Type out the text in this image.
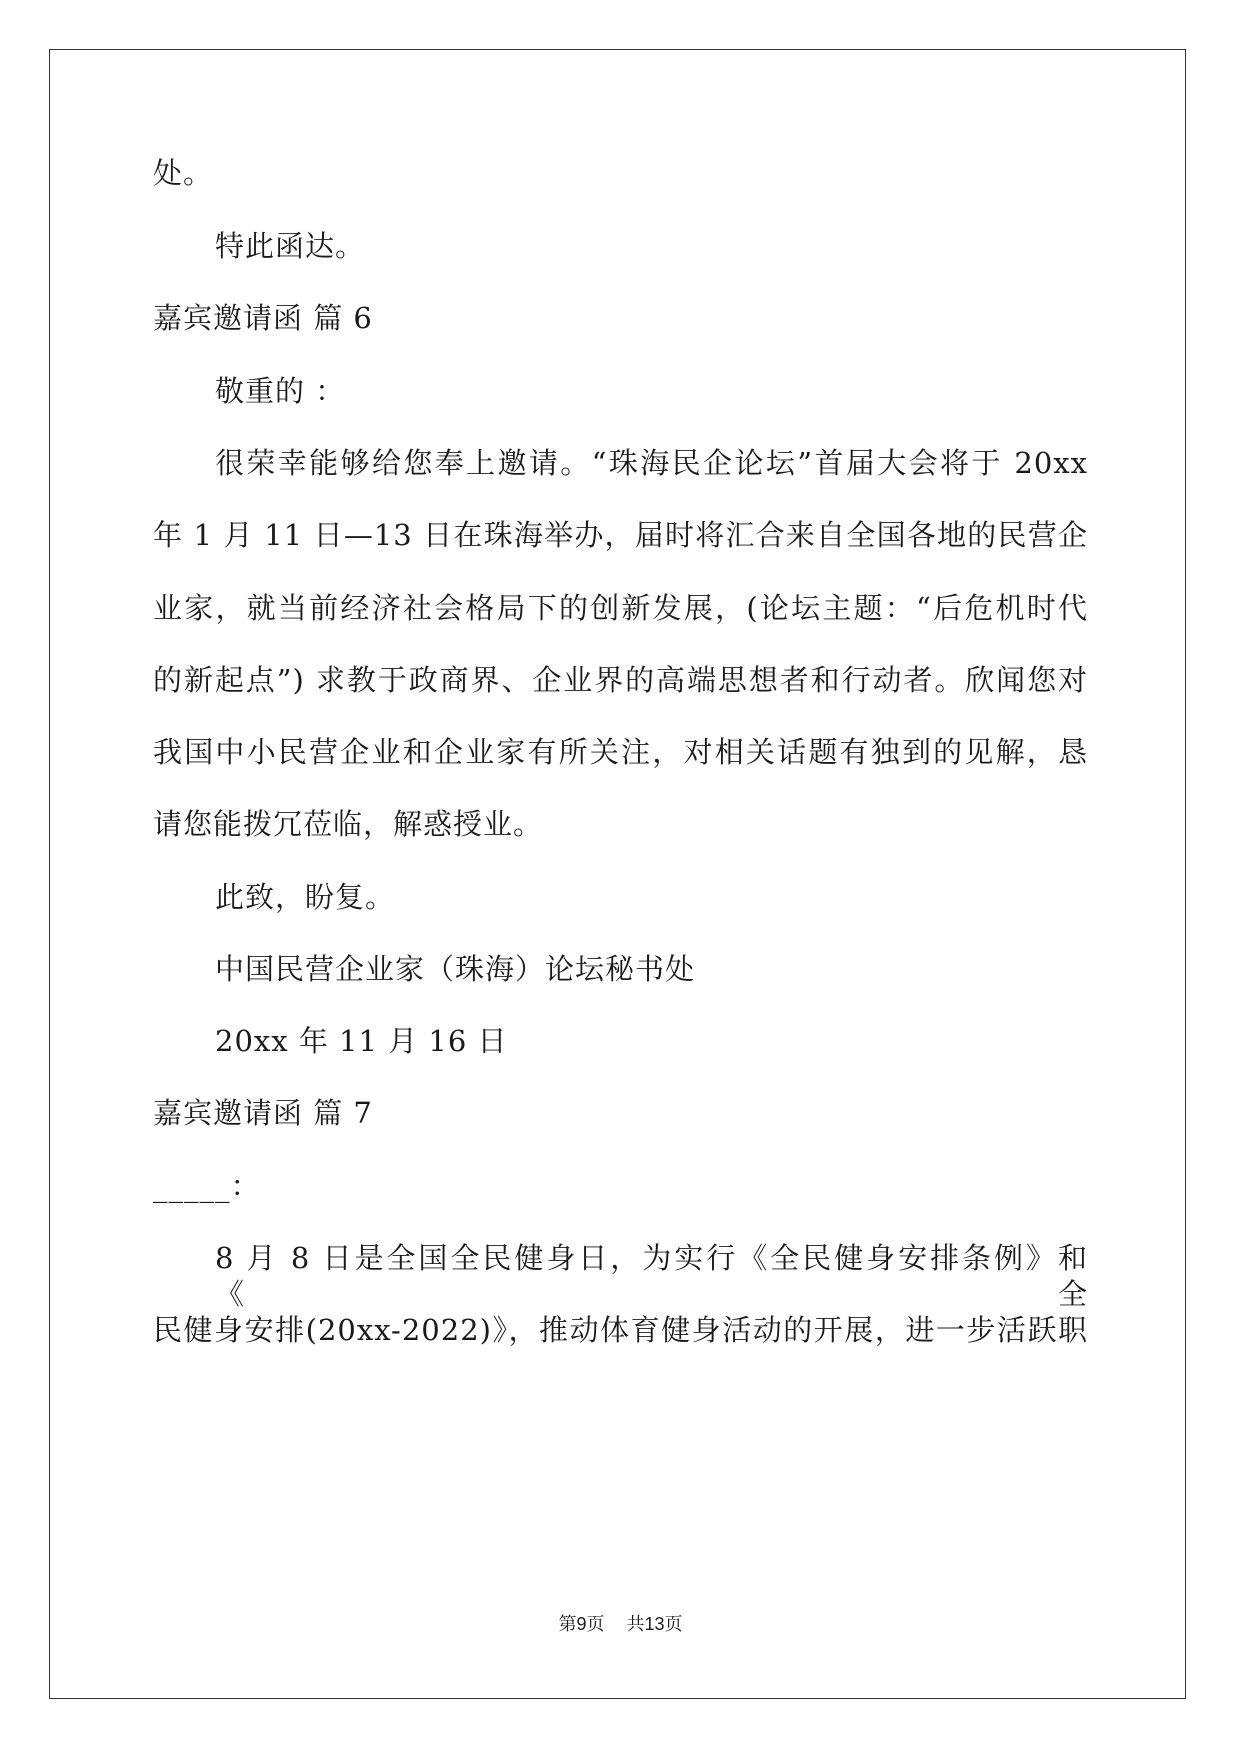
处。
特此函达。
嘉宾邀请函 篇 6
敬重的 ：
很荣幸能够给您奉上邀请。“珠海民企论坛”首届大会将于 20xx
年 1 月 11 日—13 日在珠海举办，届时将汇合来自全国各地的民营企
业家，就当前经济社会格局下的创新发展，(论坛主题：“后危机时代
的新起点”) 求教于政商界、企业界的高端思想者和行动者。欣闻您对
我国中小民营企业和企业家有所关注，对相关话题有独到的见解，恳
请您能拨冗莅临，解惑授业。
此致，盼复。
中国民营企业家（珠海）论坛秘书处
20xx 年 11 月 16 日
嘉宾邀请函 篇 7
_____：
8 月 8 日是全国全民健身日，为实行《全民健身安排条例》和《全
民健身安排(20xx-2022)》，推动体育健身活动的开展，进一步活跃职
第9页 共13页
